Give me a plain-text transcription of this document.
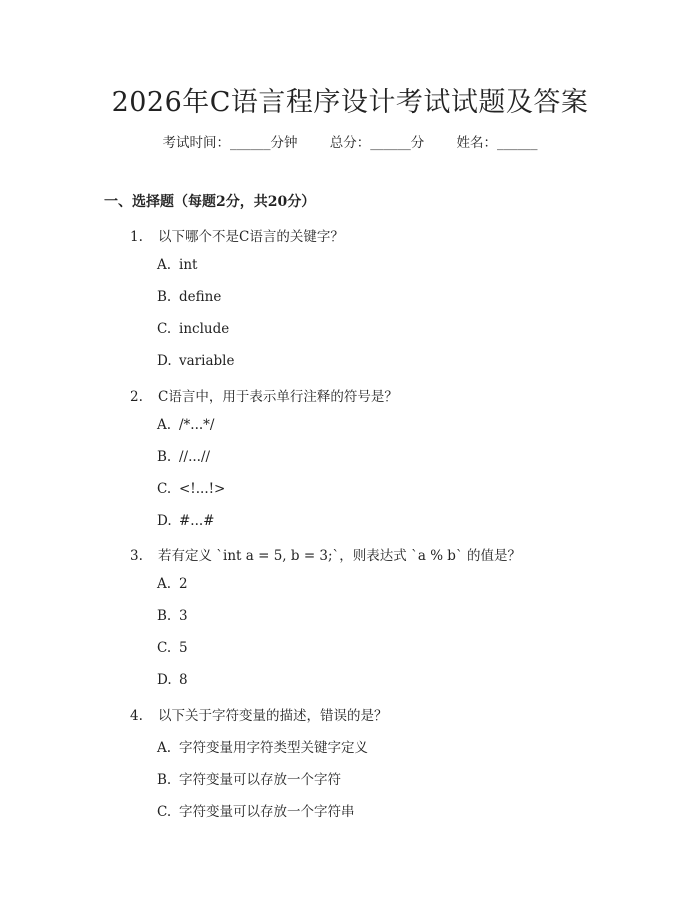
2026年C语言程序设计考试试题及答案
考试时间：______分钟 总分：______分 姓名：______
一、选择题（每题2分，共20分）
1. 以下哪个不是C语言的关键字？
A. int
B. define
C. include
D. variable
2. C语言中，用于表示单行注释的符号是？
A. /*...*/
B. //...//
C. <!...!>
D. #...#
3. 若有定义 `int a = 5, b = 3;`，则表达式 `a % b` 的值是？
A. 2
B. 3
C. 5
D. 8
4. 以下关于字符变量的描述，错误的是？
A. 字符变量用字符类型关键字定义
B. 字符变量可以存放一个字符
C. 字符变量可以存放一个字符串
